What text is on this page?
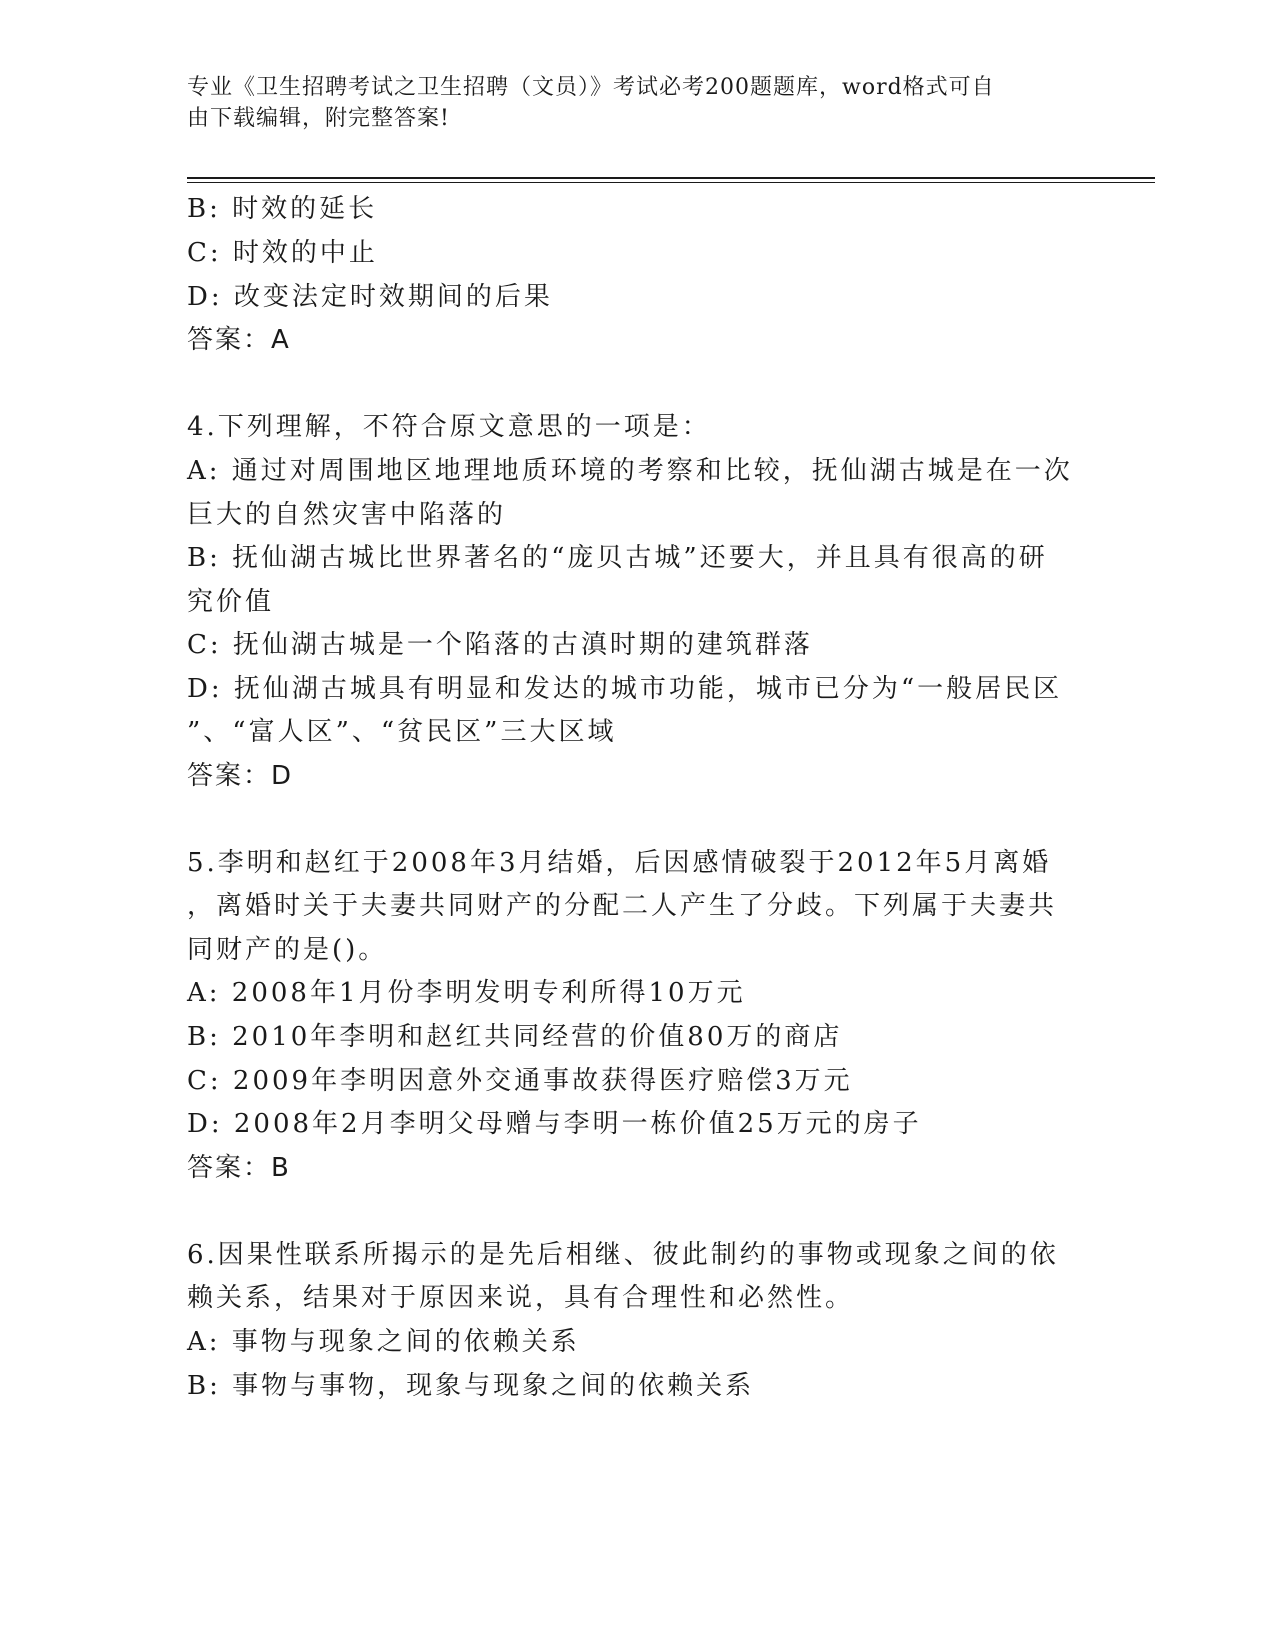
专业《卫生招聘考试之卫生招聘（文员）》考试必考200题题库，word格式可自
由下载编辑，附完整答案!
B: 时效的延长
C: 时效的中止
D: 改变法定时效期间的后果
答案：A
4.下列理解，不符合原文意思的一项是：
A: 通过对周围地区地理地质环境的考察和比较，抚仙湖古城是在一次
巨大的自然灾害中陷落的
B: 抚仙湖古城比世界著名的“庞贝古城”还要大，并且具有很高的研
究价值
C: 抚仙湖古城是一个陷落的古滇时期的建筑群落
D: 抚仙湖古城具有明显和发达的城市功能，城市已分为“一般居民区
”、“富人区”、“贫民区”三大区域
答案：D
5.李明和赵红于2008年3月结婚，后因感情破裂于2012年5月离婚
，离婚时关于夫妻共同财产的分配二人产生了分歧。下列属于夫妻共
同财产的是()。
A: 2008年1月份李明发明专利所得10万元
B: 2010年李明和赵红共同经营的价值80万的商店
C: 2009年李明因意外交通事故获得医疗赔偿3万元
D: 2008年2月李明父母赠与李明一栋价值25万元的房子
答案：B
6.因果性联系所揭示的是先后相继、彼此制约的事物或现象之间的依
赖关系，结果对于原因来说，具有合理性和必然性。
A: 事物与现象之间的依赖关系
B: 事物与事物，现象与现象之间的依赖关系
